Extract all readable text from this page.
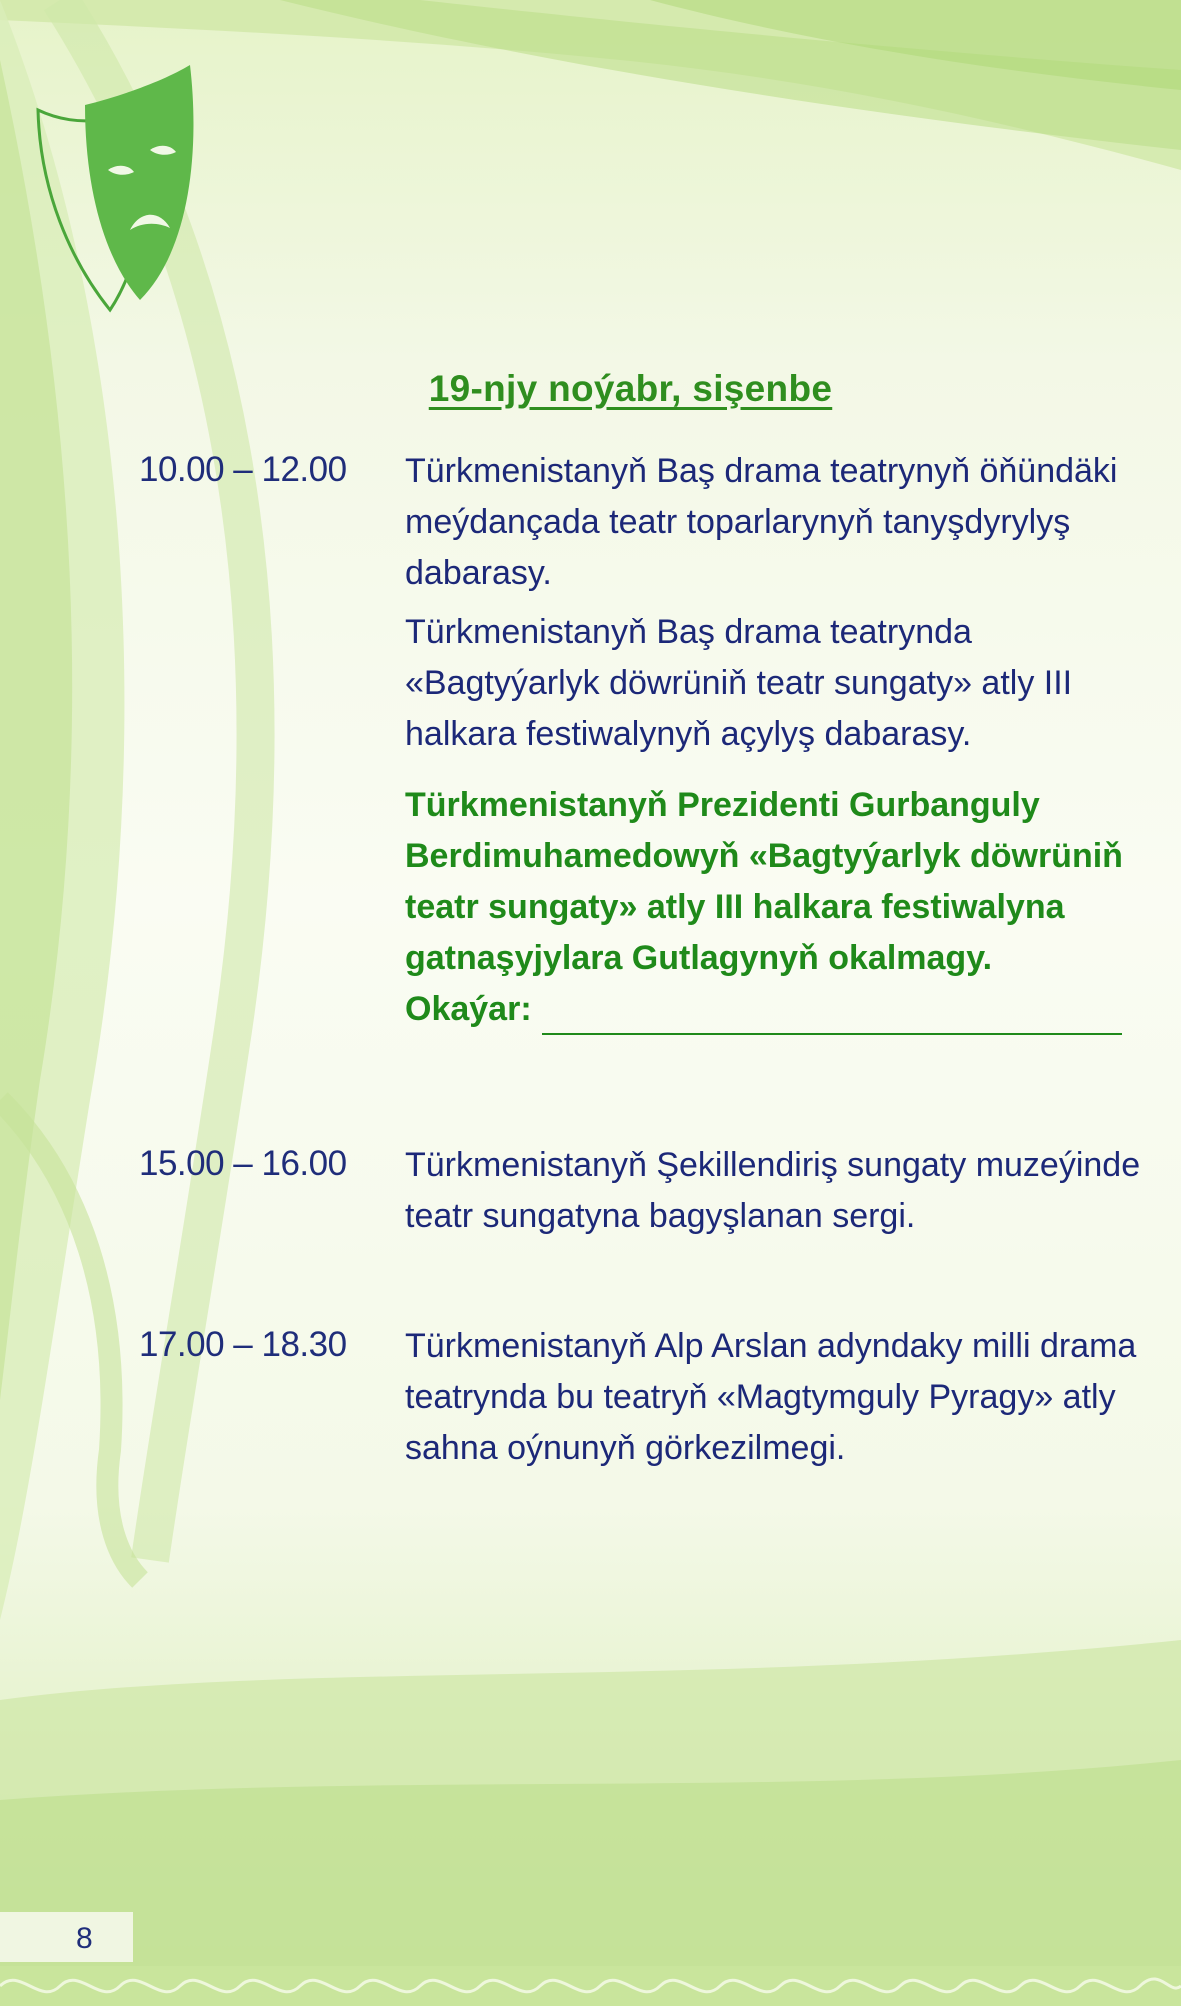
19-njy noýabr, sişenbe
10.00 – 12.00	Türkmenistanyň Baş drama teatrynyň öňündäki meýdançada teatr toparlarynyň tanyşdyrylyş dabarasy.

Türkmenistanyň Baş drama teatrynda «Bagtyýarlyk döwrüniň teatr sungaty» atly III halkara festiwalynyň açylyş dabarasy.

Türkmenistanyň Prezidenti Gurbanguly Berdimuhamedowyň «Bagtyýarlyk döwrüniň teatr sungaty» atly III halkara festiwalyna gatnaşyjylara Gutlagynyň okalmagy.

Okaýar:
15.00 – 16.00	Türkmenistanyň Şekillendiriş sungaty muzeýinde teatr sungatyna bagyşlanan sergi.

17.00 – 18.30	Türkmenistanyň Alp Arslan adyndaky milli drama teatrynda bu teatryň «Magtymguly Pyragy» atly sahna oýnunyň görkezilmegi.

8
